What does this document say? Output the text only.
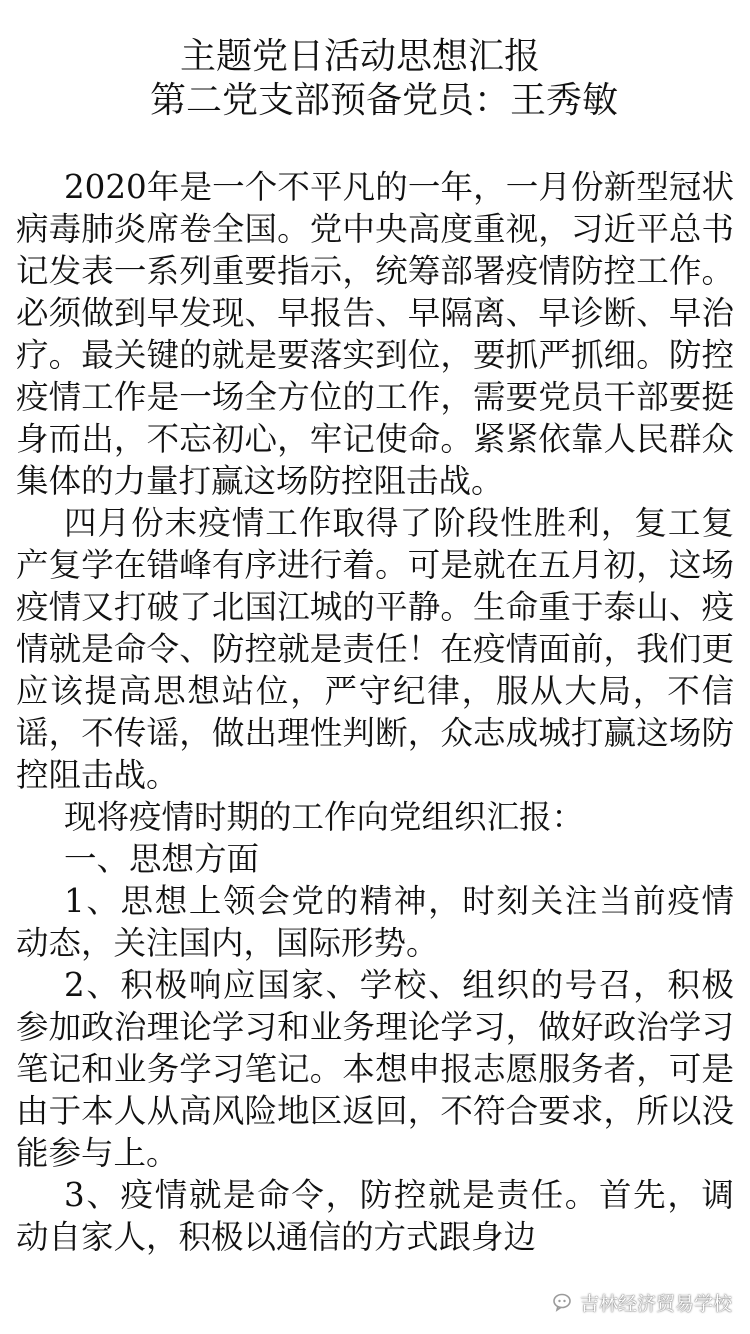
主题党日活动思想汇报
第二党支部预备党员：王秀敏

2020年是一个不平凡的一年，一月份新型冠状病毒肺炎席卷全国。党中央高度重视，习近平总书记发表一系列重要指示，统筹部署疫情防控工作。必须做到早发现、早报告、早隔离、早诊断、早治疗。最关键的就是要落实到位，要抓严抓细。防控疫情工作是一场全方位的工作，需要党员干部要挺身而出，不忘初心，牢记使命。紧紧依靠人民群众集体的力量打赢这场防控阻击战。

四月份末疫情工作取得了阶段性胜利，复工复产复学在错峰有序进行着。可是就在五月初，这场疫情又打破了北国江城的平静。生命重于泰山、疫情就是命令、防控就是责任！在疫情面前，我们更应该提高思想站位，严守纪律，服从大局，不信谣，不传谣，做出理性判断，众志成城打赢这场防控阻击战。

现将疫情时期的工作向党组织汇报：

一、思想方面

1、思想上领会党的精神，时刻关注当前疫情动态，关注国内，国际形势。

2、积极响应国家、学校、组织的号召，积极参加政治理论学习和业务理论学习，做好政治学习笔记和业务学习笔记。本想申报志愿服务者，可是由于本人从高风险地区返回，不符合要求，所以没能参与上。

3、疫情就是命令，防控就是责任。首先，调动自家人，积极以通信的方式跟身边

吉林经济贸易学校
